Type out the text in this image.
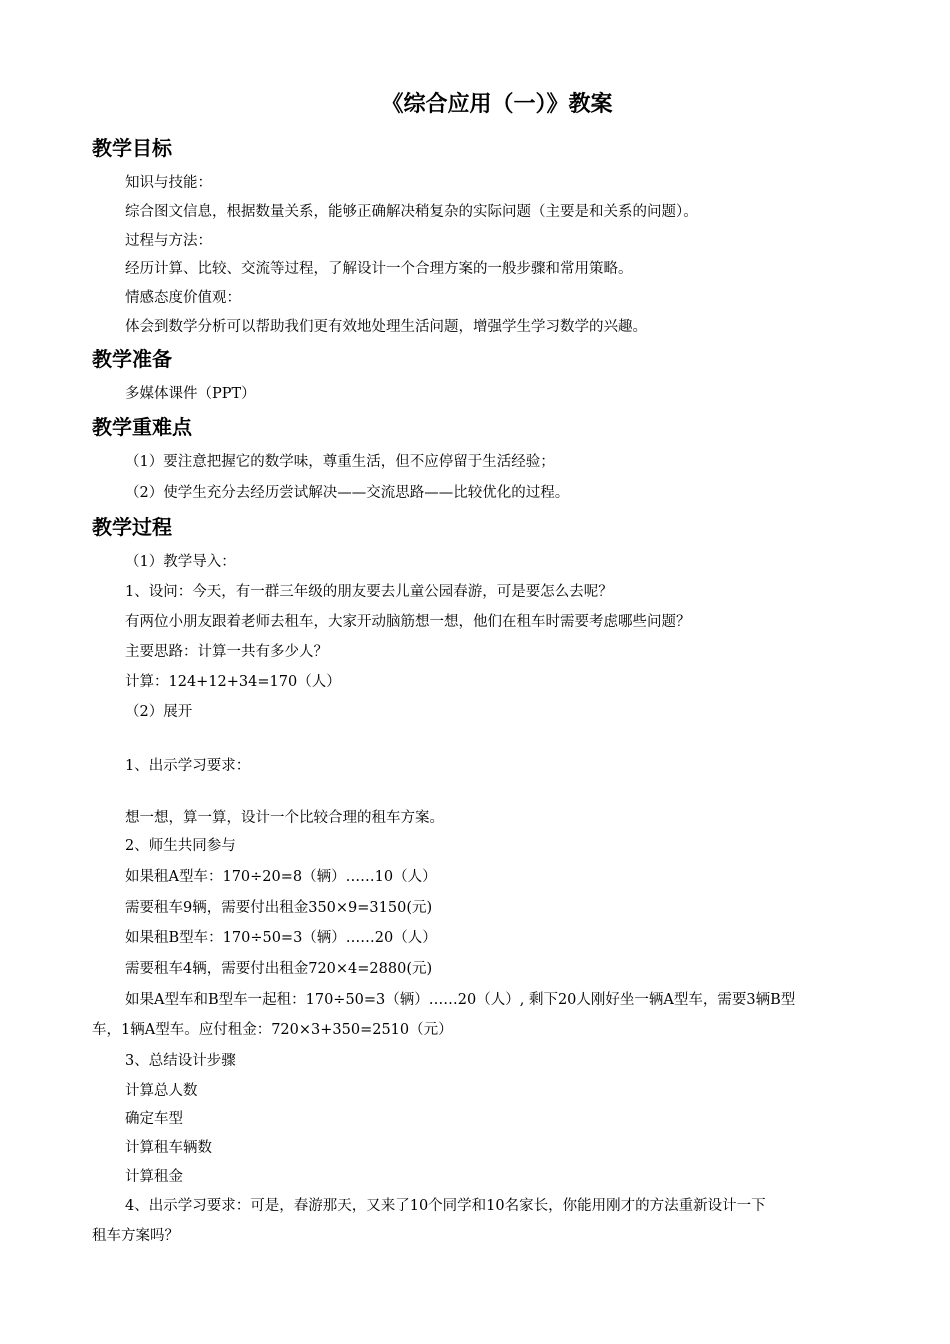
《综合应用（一）》教案
教学目标
知识与技能：
综合图文信息，根据数量关系，能够正确解决稍复杂的实际问题（主要是和关系的问题）。
过程与方法：
经历计算、比较、交流等过程，了解设计一个合理方案的一般步骤和常用策略。
情感态度价值观：
体会到数学分析可以帮助我们更有效地处理生活问题，增强学生学习数学的兴趣。
教学准备
多媒体课件（PPT）
教学重难点
（1）要注意把握它的数学味，尊重生活，但不应停留于生活经验；
（2）使学生充分去经历尝试解决——交流思路——比较优化的过程。
教学过程
（1）教学导入：
1、设问：今天，有一群三年级的朋友要去儿童公园春游，可是要怎么去呢？
有两位小朋友跟着老师去租车，大家开动脑筋想一想，他们在租车时需要考虑哪些问题？
主要思路：计算一共有多少人？
计算：124+12+34=170（人）
（2）展开
1、出示学习要求：
想一想，算一算，设计一个比较合理的租车方案。
2、师生共同参与
如果租A型车：170÷20=8（辆）……10（人）
需要租车9辆，需要付出租金350×9=3150(元)
如果租B型车：170÷50=3（辆）……20（人）
需要租车4辆，需要付出租金720×4=2880(元)
如果A型车和B型车一起租：170÷50=3（辆）……20（人）, 剩下20人刚好坐一辆A型车，需要3辆B型
车，1辆A型车。应付租金：720×3+350=2510（元）
3、总结设计步骤
计算总人数
确定车型
计算租车辆数
计算租金
4、出示学习要求：可是，春游那天，又来了10个同学和10名家长，你能用刚才的方法重新设计一下
租车方案吗？
